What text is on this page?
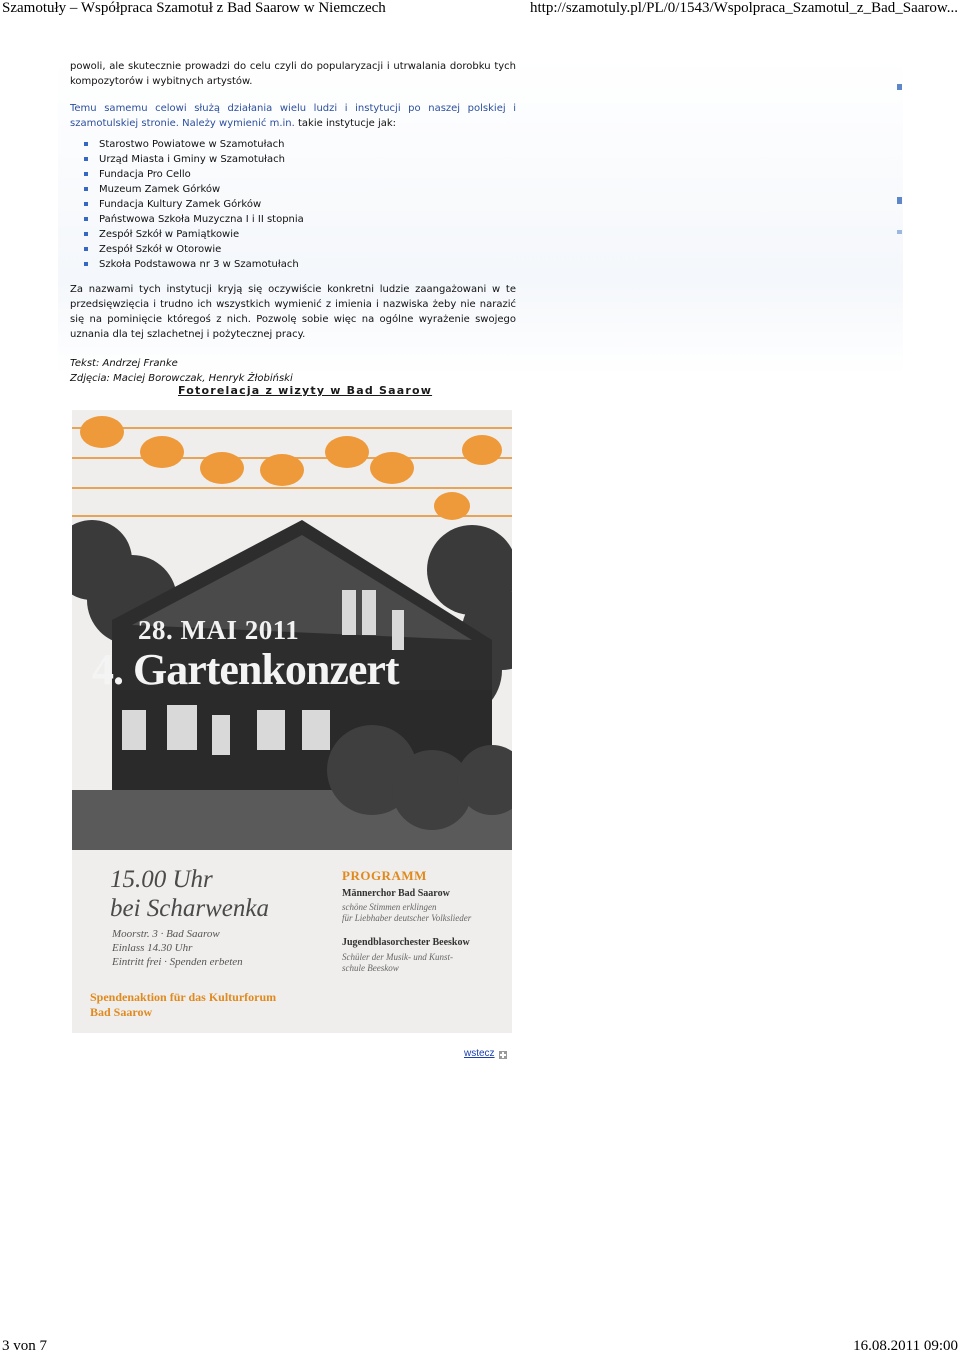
Szamotuły – Współpraca Szamotuł z Bad Saarow w Niemczech	http://szamotuly.pl/PL/0/1543/Wspolpraca_Szamotul_z_Bad_Saarow...

powoli, ale skutecznie prowadzi do celu czyli do popularyzacji i utrwalania dorobku tych kompozytorów i wybitnych artystów.

Temu samemu celowi służą działania wielu ludzi i instytucji po naszej polskiej i szamotulskiej stronie. Należy wymienić m.in. takie instytucje jak:

Starostwo Powiatowe w Szamotułach
Urząd Miasta i Gminy w Szamotułach
Fundacja Pro Cello
Muzeum Zamek Górków
Fundacja Kultury Zamek Górków
Państwowa Szkoła Muzyczna I i II stopnia
Zespół Szkół w Pamiątkowie
Zespół Szkół w Otorowie
Szkoła Podstawowa nr 3 w Szamotułach

Za nazwami tych instytucji kryją się oczywiście konkretni ludzie zaangażowani w te przedsięwzięcia i trudno ich wszystkich wymienić z imienia i nazwiska żeby nie narazić się na pominięcie któregoś z nich. Pozwolę sobie więc na ogólne wyrażenie swojego uznania dla tej szlachetnej i pożytecznej pracy.

Tekst: Andrzej Franke
Zdjęcia: Maciej Borowczak, Henryk Żłobiński
Fotorelacja z wizyty w Bad Saarow
28. MAI 2011
4. Gartenkonzert
15.00 Uhr
bei Scharwenka
Moorstr. 3 · Bad Saarow
Einlass 14.30 Uhr
Eintritt frei · Spenden erbeten
PROGRAMM
Männerchor Bad Saarow
schöne Stimmen erklingen
für Liebhaber deutscher Volkslieder
Jugendblasorchester Beeskow
Schüler der Musik- und Kunst-
schule Beeskow
Spendenaktion für das Kulturforum
Bad Saarow
wstecz
3 von 7	16.08.2011 09:00
